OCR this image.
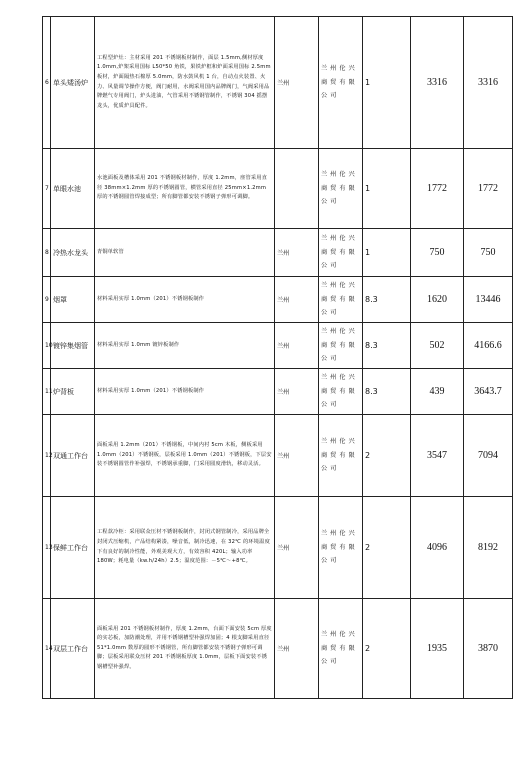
6	单头矮汤炉	工程型炉灶：主材采用 201 不锈钢板材制作，面层 1.5mm,侧材厚度 1.0mm,炉架采用国标 L50*50 角铁，果铁炉框和炉面采用国标 2.5mm 板材，炉面隔热石棉厚 5.0mm，防水鼓风机 1 台，自动点火装置、火力、风量调节操作方便，阀门耐用，水阀采用国内品牌阀门，气阀采用品牌燃气专用阀门，炉头进油，气管采用不锈钢管制作，不锈钢 304 摇摆龙头，优质炉具配件。	兰州	兰州伦兴商贸有限公司	1	3316	3316
7	单眼水池	水池面板及槽体采用 201 不锈钢板材制作，厚度 1.2mm，座管采用直径 38mm×1.2mm 厚的不锈钢圆管，横管采用直径 25mm×1.2mm 厚的不锈钢圆管焊接成型；所有脚管都安装不锈钢子弹形可调脚。		兰州伦兴商贸有限公司	1	1772	1772
8	冷热水龙头	青铜单软管	兰州	兰州伦兴商贸有限公司	1	750	750
9	烟罩	材料采用实厚 1.0mm（201）不锈钢板制作	兰州	兰州伦兴商贸有限公司	8.3	1620	13446
10	镀锌集烟管	材料采用实厚 1.0mm 镀锌板制作	兰州	兰州伦兴商贸有限公司	8.3	502	4166.6
11	炉背板	材料采用实厚 1.0mm（201）不锈钢板制作	兰州	兰州伦兴商贸有限公司	8.3	439	3643.7
12	双通工作台	面板采用 1.2mm（201）不锈钢板，中间内衬 5cm 木板，侧板采用 1.0mm（201）不锈钢板，层板采用 1.0mm（201）不锈钢板，下层安装不锈钢圆管作补强焊，不锈钢承重脚，门采用圆度滑轨，移动灵活。	兰州	兰州伦兴商贸有限公司	2	3547	7094
13	保鲜工作台	工程款冷柜：采用联众压材不锈钢板制作，封闭式钢管制冷，采用品牌全封闭式压缩机，产品结构紧凑，噪音低，制冷迅速，在 32℃ 的环境温度下有良好的制冷性能，外观美观大方，有效容积 420L；输入功率 180W；耗电量（kw.h/24h）2.5；温度范围：－5℃～+8℃。	兰州	兰州伦兴商贸有限公司	2	4096	8192
14	双层工作台	面板采用 201 不锈钢板材制作，厚度 1.2mm，台面下面安装 5cm 厚度的实芯板，加防潮处理，并用不锈钢槽型补强焊加固；4 根支脚采用直径 51*1.0mm 数厚的圆形不锈钢管，所有脚管都安装不锈钢子弹形可调脚；层板采用联众压材 201 不锈钢板厚度 1.0mm，层板下面安装不锈钢槽型补强焊。	兰州	兰州伦兴商贸有限公司	2	1935	3870
